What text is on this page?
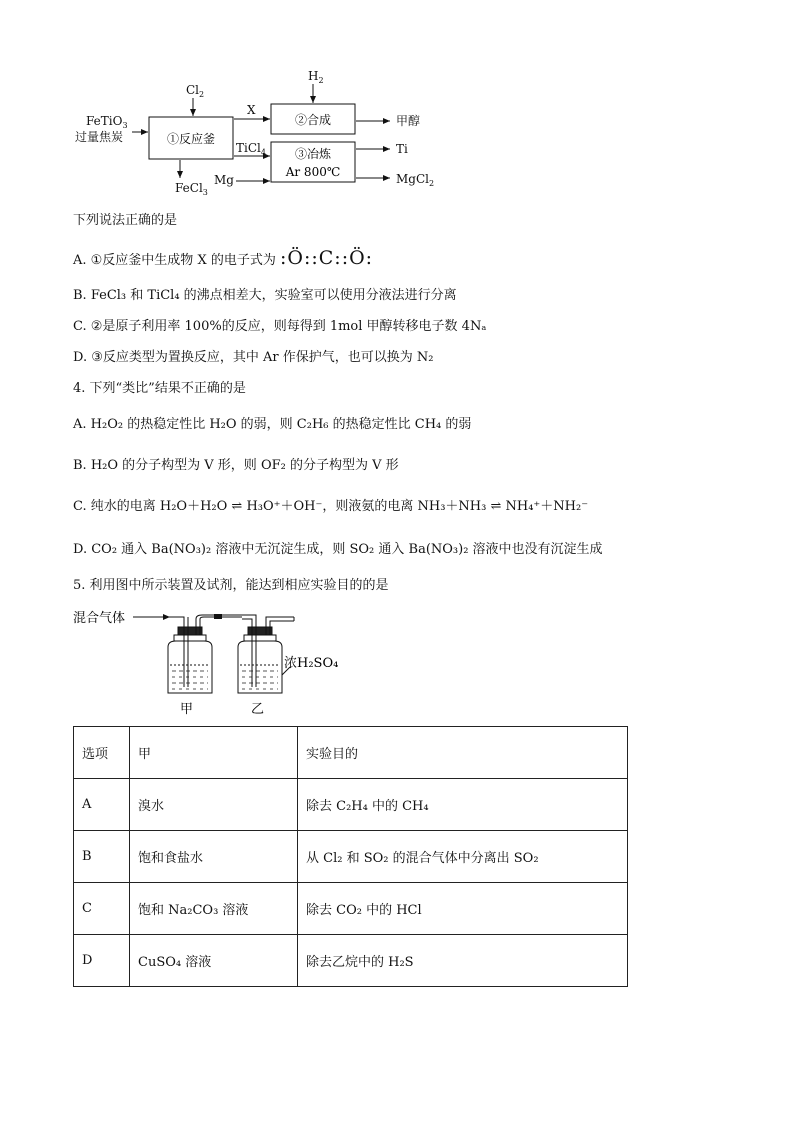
FeTiO$_3$
过量焦炭
$Cl_2$
FeCl$_3$
X
TiCl$_4$
Mg
$H_2$
甲醇
Ti
MgCl$_2$
①反应釜
②合成
③冶炼
Ar 800℃
下列说法正确的是
A. ①反应釜中生成物 X 的电子式为 :Ö::C::Ö:
B. FeCl₃ 和 TiCl₄ 的沸点相差大，实验室可以使用分液法进行分离
C. ②是原子利用率 100%的反应，则每得到 1mol 甲醇转移电子数 4Nₐ
D. ③反应类型为置换反应，其中 Ar 作保护气，也可以换为 N₂
4. 下列“类比”结果不正确的是
A. H₂O₂ 的热稳定性比 H₂O 的弱，则 C₂H₆ 的热稳定性比 CH₄ 的弱
B. H₂O 的分子构型为 V 形，则 OF₂ 的分子构型为 V 形
C. 纯水的电离 H₂O＋H₂O ⇌ H₃O⁺＋OH⁻，则液氨的电离 NH₃＋NH₃ ⇌ NH₄⁺＋NH₂⁻
D. CO₂ 通入 Ba(NO₃)₂ 溶液中无沉淀生成，则 SO₂ 通入 Ba(NO₃)₂ 溶液中也没有沉淀生成
5. 利用图中所示装置及试剂，能达到相应实验目的的是
混合气体
甲
浓H₂SO₄
乙
选项	甲	实验目的
A	溴水	除去 C₂H₄ 中的 CH₄
B	饱和食盐水	从 Cl₂ 和 SO₂ 的混合气体中分离出 SO₂
C	饱和 Na₂CO₃ 溶液	除去 CO₂ 中的 HCl
D	CuSO₄ 溶液	除去乙烷中的 H₂S
